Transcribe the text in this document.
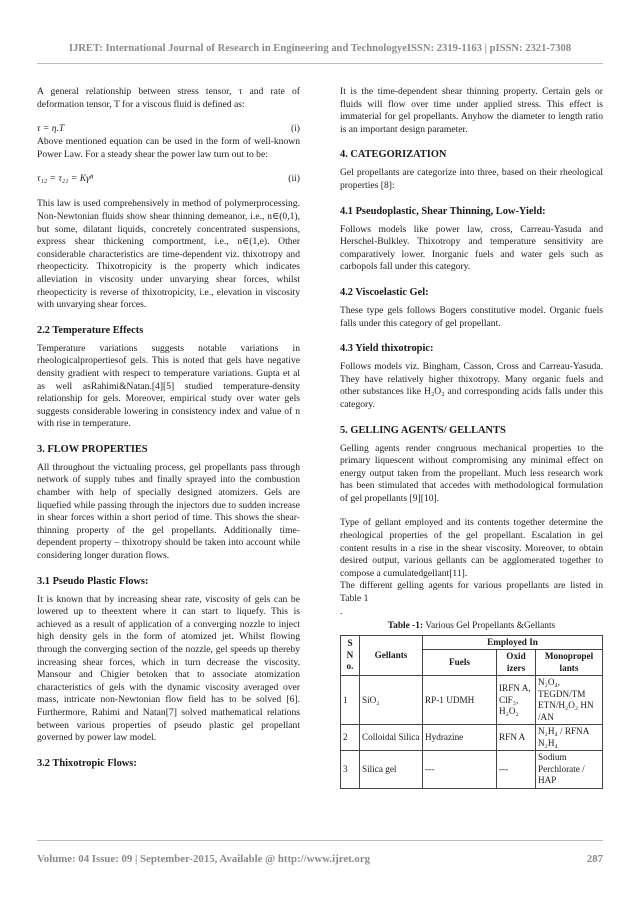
IJRET: International Journal of Research in Engineering and TechnologyeISSN: 2319-1163 | pISSN: 2321-7308

A general relationship between stress tensor, τ and rate of deformation tensor, T for a viscous fluid is defined as:

τ = η.T	(i)

Above mentioned equation can be used in the form of well-known Power Law. For a steady shear the power law turn out to be:

τ₁₂ = τ₂₁ = Kγ̇ⁿ	(ii)

This law is used comprehensively in method of polymerprocessing. Non-Newtonian fluids show shear thinning demeanor, i.e., n∈(0,1), but some, dilatant liquids, concretely concentrated suspensions, express shear thickening comportment, i.e., n∈(1,e). Other considerable characteristics are time-dependent viz. thixotropy and rheopecticity. Thixotropicity is the property which indicates alleviation in viscosity under unvarying shear forces, whilst rheopecticity is reverse of thixotropicity, i.e., elevation in viscosity with unvarying shear forces.

2.2 Temperature Effects

Temperature variations suggests notable variations in rheologicalpropertiesof gels. This is noted that gels have negative density gradient with respect to temperature variations. Gupta et al as well asRahimi&Natan.[4][5] studied temperature-density relationship for gels. Moreover, empirical study over water gels suggests considerable lowering in consistency index and value of n with rise in temperature.

3. FLOW PROPERTIES

All throughout the victualing process, gel propellants pass through network of supply tubes and finally sprayed into the combustion chamber with help of specially designed atomizers. Gels are liquefied while passing through the injectors due to sudden increase in shear forces within a short period of time. This shows the shear-thinning property of the gel propellants. Additionally time-dependent property – thixotropy should be taken into account while considering longer duration flows.

3.1 Pseudo Plastic Flows:

It is known that by increasing shear rate, viscosity of gels can be lowered up to theextent where it can start to liquefy. This is achieved as a result of application of a converging nozzle to inject high density gels in the form of atomized jet. Whilst flowing through the converging section of the nozzle, gel speeds up thereby increasing shear forces, which in turn decrease the viscosity. Mansour and Chigier betoken that to associate atomization characteristics of gels with the dynamic viscosity averaged over mass, intricate non-Newtonian flow field has to be solved [6]. Furthermore, Rahimi and Natan[7] solved mathematical relations between various properties of pseudo plastic gel propellant governed by power law model.

3.2 Thixotropic Flows:

It is the time-dependent shear thinning property. Certain gels or fluids will flow over time under applied stress. This effect is immaterial for gel propellants. Anyhow the diameter to length ratio is an important design parameter.

4. CATEGORIZATION

Gel propellants are categorize into three, based on their rheological properties [8]:

4.1 Pseudoplastic, Shear Thinning, Low-Yield:

Follows models like power law, cross, Carreau-Yasuda and Herschel-Bulkley. Thixotropy and temperature sensitivity are comparatively lower. Inorganic fuels and water gels such as carbopols fall under this category.

4.2 Viscoelastic Gel:

These type gels follows Bogers constitutive model. Organic fuels falls under this category of gel propellant.

4.3 Yield thixotropic:

Follows models viz. Bingham, Casson, Cross and Carreau-Yasuda. They have relatively higher thixotropy. Many organic fuels and other substances like H₂O₂ and corresponding acids falls under this category.

5. GELLING AGENTS/ GELLANTS

Gelling agents render congruous mechanical properties to the primary liquescent without compromising any minimal effect on energy output taken from the propellant. Much less research work has been stimulated that accedes with methodological formulation of gel propellants [9][10].

Type of gellant employed and its contents together determine the rheological properties of the gel propellant. Escalation in gel content results in a rise in the shear viscosity. Moreover, to obtain desired output, various gellants can be agglomerated together to compose a cumulatedgellant[11].

The different gelling agents for various propellants are listed in Table 1

.

Table -1: Various Gel Propellants &Gellants
S N o.	Gellants	Employed In		
		Fuels	Oxid izers	Monopropel lants
1	SiO₂	RP-1 UDMH	IRFN A, ClF₅, H₂O₂	N₂O₄, TEGDN/TM ETN/H₂O₂ HN /AN
2	Colloidal Silica	Hydrazine	RFN A	N₂H₄ / RFNA N₂H₄
3	Silica gel	---	---	Sodium Perchlorate / HAP
Volume: 04 Issue: 09 | September-2015, Available @ http://www.ijret.org	287
